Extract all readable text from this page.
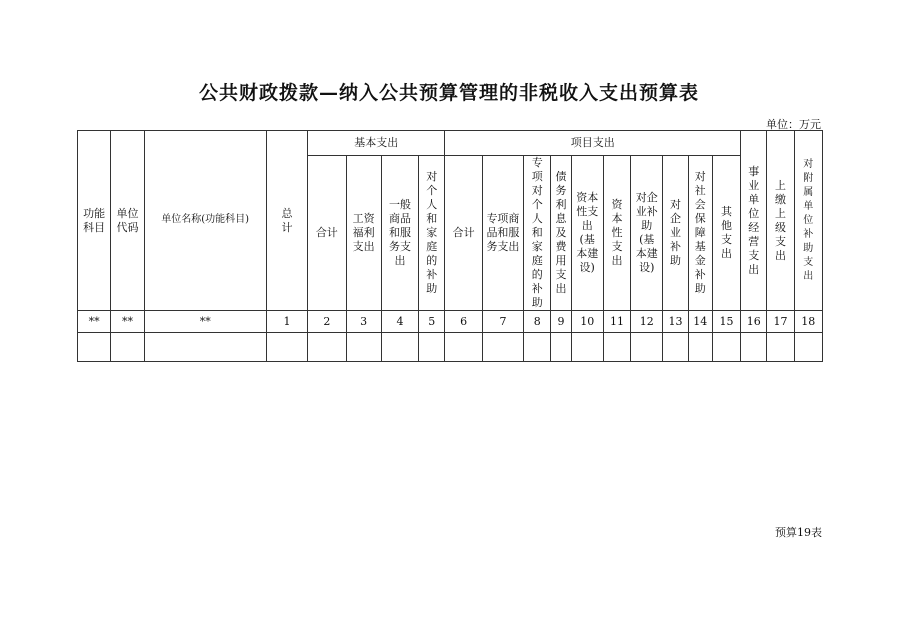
公共财政拨款—纳入公共预算管理的非税收入支出预算表
单位：万元
功能科目	单位代码	单位名称(功能科目)	总计	基本支出				项目支出										事业单位经营支出	上缴上级支出	对附属单位补助支出
				合计	工资福利支出	一般商品和服务支出	对个人和家庭的补助	合计	专项商品和服务支出	专项对个人和家庭的补助	债务利息及费用支出	资本性支出(基本建设)	资本性支出	对企业补助(基本建设)	对企业补助	对社会保障基金补助	其他支出			
**	**	**	1	2	3	4	5	6	7	8	9	10	11	12	13	14	15	16	17	18

预算19表
